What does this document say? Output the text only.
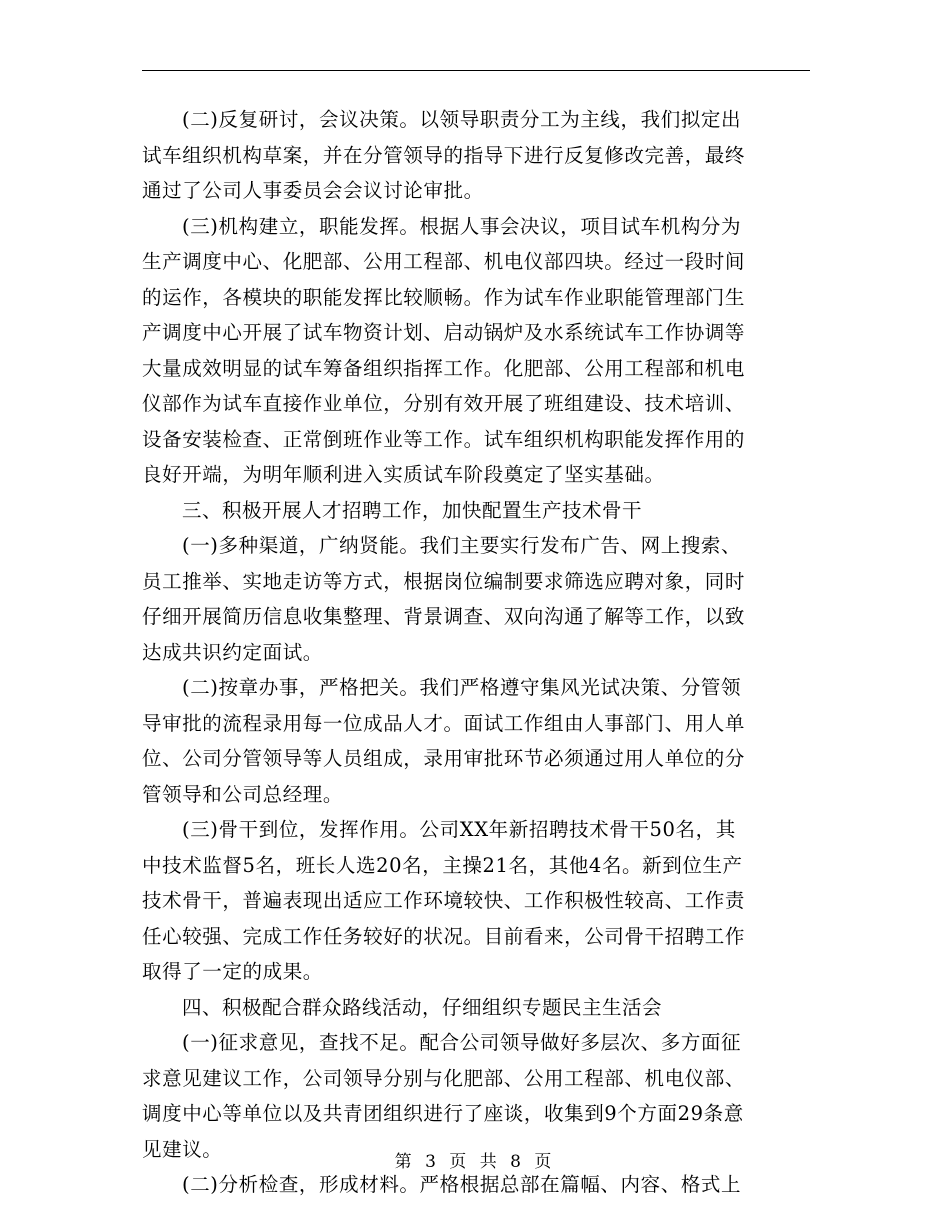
(二)反复研讨，会议决策。以领导职责分工为主线，我们拟定出
试车组织机构草案，并在分管领导的指导下进行反复修改完善，最终
通过了公司人事委员会会议讨论审批。
(三)机构建立，职能发挥。根据人事会决议，项目试车机构分为
生产调度中心、化肥部、公用工程部、机电仪部四块。经过一段时间
的运作，各模块的职能发挥比较顺畅。作为试车作业职能管理部门生
产调度中心开展了试车物资计划、启动锅炉及水系统试车工作协调等
大量成效明显的试车筹备组织指挥工作。化肥部、公用工程部和机电
仪部作为试车直接作业单位，分别有效开展了班组建设、技术培训、
设备安装检查、正常倒班作业等工作。试车组织机构职能发挥作用的
良好开端，为明年顺利进入实质试车阶段奠定了坚实基础。
三、积极开展人才招聘工作，加快配置生产技术骨干
(一)多种渠道，广纳贤能。我们主要实行发布广告、网上搜索、
员工推举、实地走访等方式，根据岗位编制要求筛选应聘对象，同时
仔细开展简历信息收集整理、背景调查、双向沟通了解等工作，以致
达成共识约定面试。
(二)按章办事，严格把关。我们严格遵守集风光试决策、分管领
导审批的流程录用每一位成品人才。面试工作组由人事部门、用人单
位、公司分管领导等人员组成，录用审批环节必须通过用人单位的分
管领导和公司总经理。
(三)骨干到位，发挥作用。公司XX年新招聘技术骨干50名，其
中技术监督5名，班长人选20名，主操21名，其他4名。新到位生产
技术骨干，普遍表现出适应工作环境较快、工作积极性较高、工作责
任心较强、完成工作任务较好的状况。目前看来，公司骨干招聘工作
取得了一定的成果。
四、积极配合群众路线活动，仔细组织专题民主生活会
(一)征求意见，查找不足。配合公司领导做好多层次、多方面征
求意见建议工作，公司领导分别与化肥部、公用工程部、机电仪部、
调度中心等单位以及共青团组织进行了座谈，收集到9个方面29条意
见建议。
(二)分析检查，形成材料。严格根据总部在篇幅、内容、格式上
第 3 页 共 8 页
